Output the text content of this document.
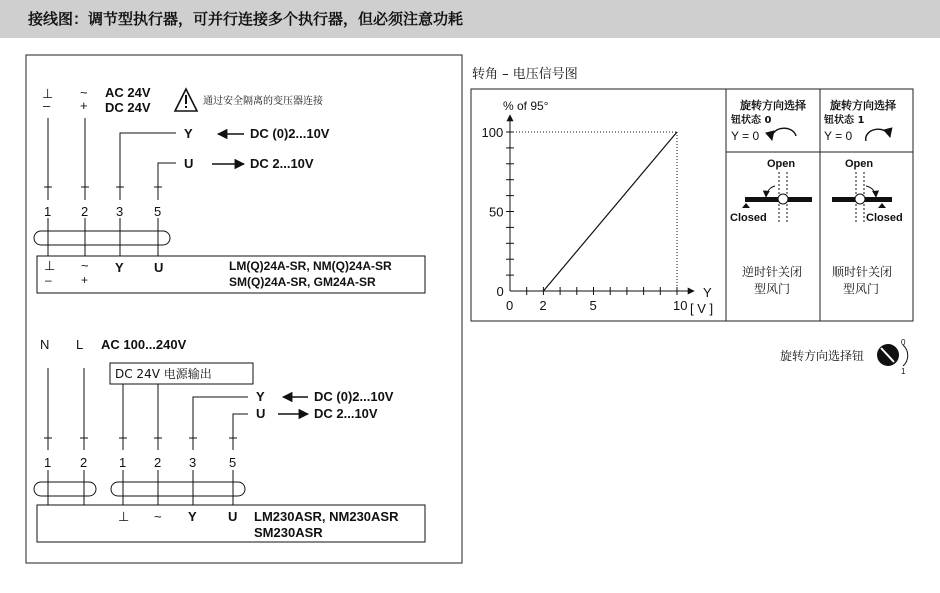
接线图：调节型执行器，可并行连接多个执行器，但必须注意功耗
⊥
–
~
+
AC 24V
DC 24V	通过安全隔离的变压器连接
Y	DC (0)2...10V
U	DC 2...10V
1 2 3 5
⊥
–
~
+
Y U	LM(Q)24A-SR, NM(Q)24A-SR
SM(Q)24A-SR, GM24A-SR
N L AC 100...240V
DC 24V 电源输出
Y	DC (0)2...10V
U	DC 2...10V
1 2 1 2 3	5
⊥ ~ Y U LM230ASR, NM230ASR
SM230ASR
转角 – 电压信号图
% of 95°
Y
[ V ]
0 2	5	10
0
50
100
旋转方向选择
钮状态 0
Y = 0
Open
Closed
逆时针关闭
型风门
旋转方向选择
钮状态 1
Y = 0
Open
Closed
顺时针关闭
型风门
旋转方向选择钮
0
1
